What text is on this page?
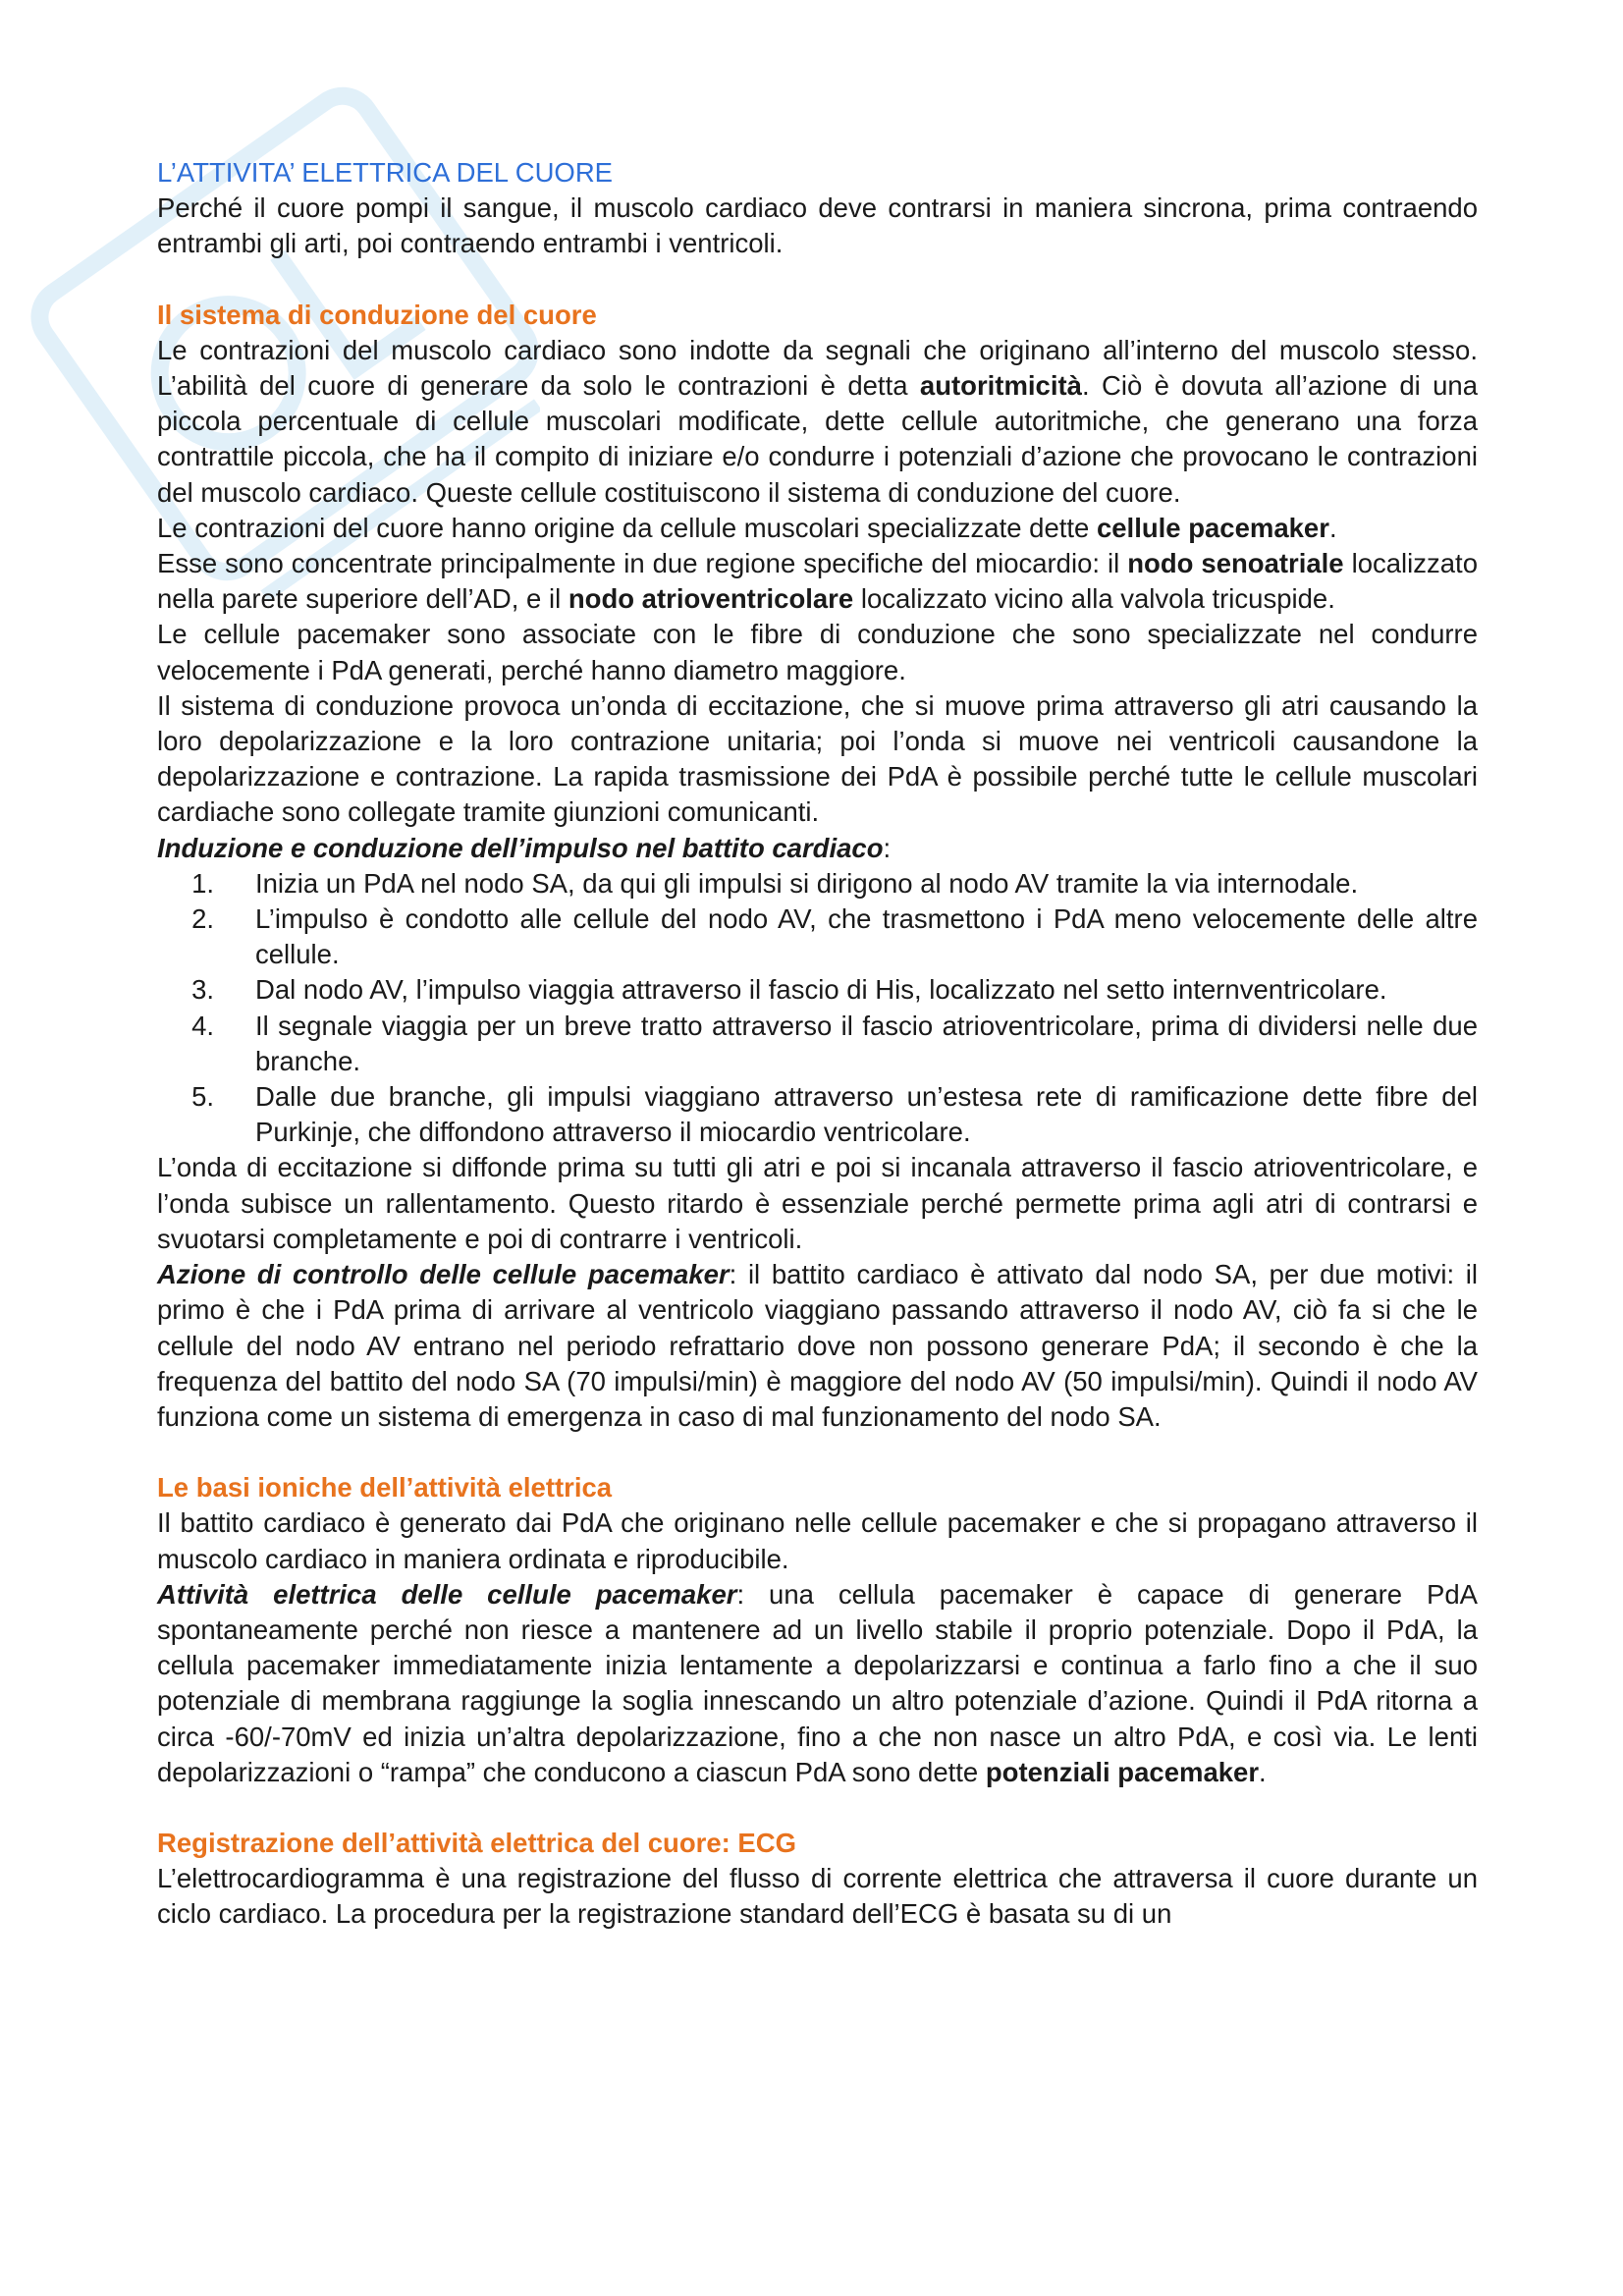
L’ATTIVITA’ ELETTRICA DEL CUORE

Perché il cuore pompi il sangue, il muscolo cardiaco deve contrarsi in maniera sincrona, prima contraendo entrambi gli arti, poi contraendo entrambi i ventricoli.

Il sistema di conduzione del cuore

Le contrazioni del muscolo cardiaco sono indotte da segnali che originano all’interno del muscolo stesso. L’abilità del cuore di generare da solo le contrazioni è detta autoritmicità. Ciò è dovuta all’azione di una piccola percentuale di cellule muscolari modificate, dette cellule autoritmiche, che generano una forza contrattile piccola, che ha il compito di iniziare e/o condurre i potenziali d’azione che provocano le contrazioni del muscolo cardiaco. Queste cellule costituiscono il sistema di conduzione del cuore.

Le contrazioni del cuore hanno origine da cellule muscolari specializzate dette cellule pacemaker.

Esse sono concentrate principalmente in due regione specifiche del miocardio: il nodo senoatriale localizzato nella parete superiore dell’AD, e il nodo atrioventricolare localizzato vicino alla valvola tricuspide.

Le cellule pacemaker sono associate con le fibre di conduzione che sono specializzate nel condurre velocemente i PdA generati, perché hanno diametro maggiore.

Il sistema di conduzione provoca un’onda di eccitazione, che si muove prima attraverso gli atri causando la loro depolarizzazione e la loro contrazione unitaria; poi l’onda si muove nei ventricoli causandone la depolarizzazione e contrazione. La rapida trasmissione dei PdA è possibile perché tutte le cellule muscolari cardiache sono collegate tramite giunzioni comunicanti.

Induzione e conduzione dell’impulso nel battito cardiaco:

1.	Inizia un PdA nel nodo SA, da qui gli impulsi si dirigono al nodo AV tramite la via internodale.
2.	L’impulso è condotto alle cellule del nodo AV, che trasmettono i PdA meno velocemente delle altre cellule.
3.	Dal nodo AV, l’impulso viaggia attraverso il fascio di His, localizzato nel setto internventricolare.
4.	Il segnale viaggia per un breve tratto attraverso il fascio atrioventricolare, prima di dividersi nelle due branche.
5.	Dalle due branche, gli impulsi viaggiano attraverso un’estesa rete di ramificazione dette fibre del Purkinje, che diffondono attraverso il miocardio ventricolare.

L’onda di eccitazione si diffonde prima su tutti gli atri e poi si incanala attraverso il fascio atrioventricolare, e l’onda subisce un rallentamento. Questo ritardo è essenziale perché permette prima agli atri di contrarsi e svuotarsi completamente e poi di contrarre i ventricoli.

Azione di controllo delle cellule pacemaker: il battito cardiaco è attivato dal nodo SA, per due motivi: il primo è che i PdA prima di arrivare al ventricolo viaggiano passando attraverso il nodo AV, ciò fa si che le cellule del nodo AV entrano nel periodo refrattario dove non possono generare PdA; il secondo è che la frequenza del battito del nodo SA (70 impulsi/min) è maggiore del nodo AV (50 impulsi/min). Quindi il nodo AV funziona come un sistema di emergenza in caso di mal funzionamento del nodo SA.

Le basi ioniche dell’attività elettrica

Il battito cardiaco è generato dai PdA che originano nelle cellule pacemaker e che si propagano attraverso il muscolo cardiaco in maniera ordinata e riproducibile.

Attività elettrica delle cellule pacemaker: una cellula pacemaker è capace di generare PdA spontaneamente perché non riesce a mantenere ad un livello stabile il proprio potenziale. Dopo il PdA, la cellula pacemaker immediatamente inizia lentamente a depolarizzarsi e continua a farlo fino a che il suo potenziale di membrana raggiunge la soglia innescando un altro potenziale d’azione. Quindi il PdA ritorna a circa -60/-70mV ed inizia un’altra depolarizzazione, fino a che non nasce un altro PdA, e così via. Le lenti depolarizzazioni o “rampa” che conducono a ciascun PdA sono dette potenziali pacemaker.

Registrazione dell’attività elettrica del cuore: ECG

L’elettrocardiogramma è una registrazione del flusso di corrente elettrica che attraversa il cuore durante un ciclo cardiaco. La procedura per la registrazione standard dell’ECG è basata su di un
